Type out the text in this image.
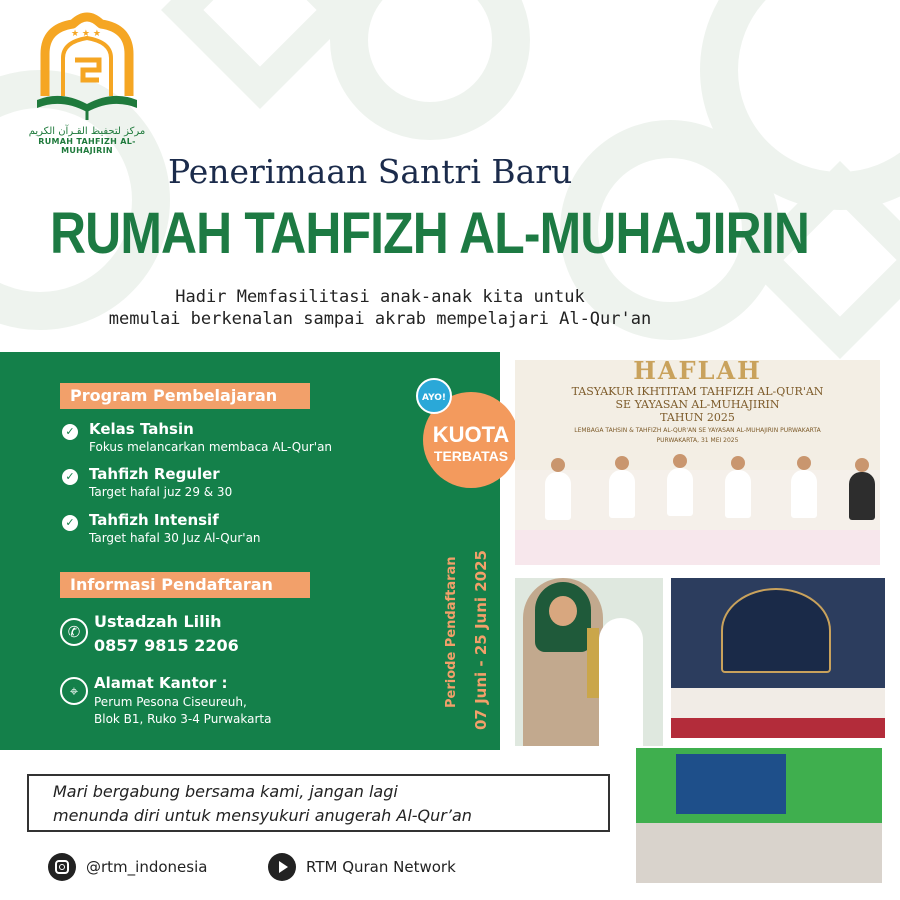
★ ★ ★
مركز لتحفيظ القـرآن الكريم
RUMAH TAHFIZH AL-MUHAJIRIN
Penerimaan Santri Baru
RUMAH TAHFIZH AL-MUHAJIRIN
Hadir Memfasilitasi anak-anak kita untuk
memulai berkenalan sampai akrab mempelajari Al-Qur'an
Program Pembelajaran
✓ Kelas Tahsin
Fokus melancarkan membaca AL-Qur'an
✓ Tahfizh Reguler
Target hafal juz 29 & 30
✓ Tahfizh Intensif
Target hafal 30 Juz Al-Qur'an
Informasi Pendaftaran
✆
Ustadzah Lilih
0857 9815 2206
⌖	Alamat Kantor :
Perum Pesona Ciseureuh,
Blok B1, Ruko 3-4 Purwakarta
KUOTA
TERBATAS
AYO!
Periode Pendaftaran 07 Juni - 25 Juni 2025
HAFLAH
TASYAKUR IKHTITAM TAHFIZH AL-QUR'AN
SE YAYASAN AL-MUHAJIRIN
TAHUN 2025
LEMBAGA TAHSIN & TAHFIZH AL-QUR'AN SE YAYASAN AL-MUHAJIRIN PURWAKARTA
PURWAKARTA, 31 MEI 2025
Mari bergabung bersama kami, jangan lagi
menunda diri untuk mensyukuri anugerah Al-Qur’an
@rtm_indonesia	RTM Quran Network
